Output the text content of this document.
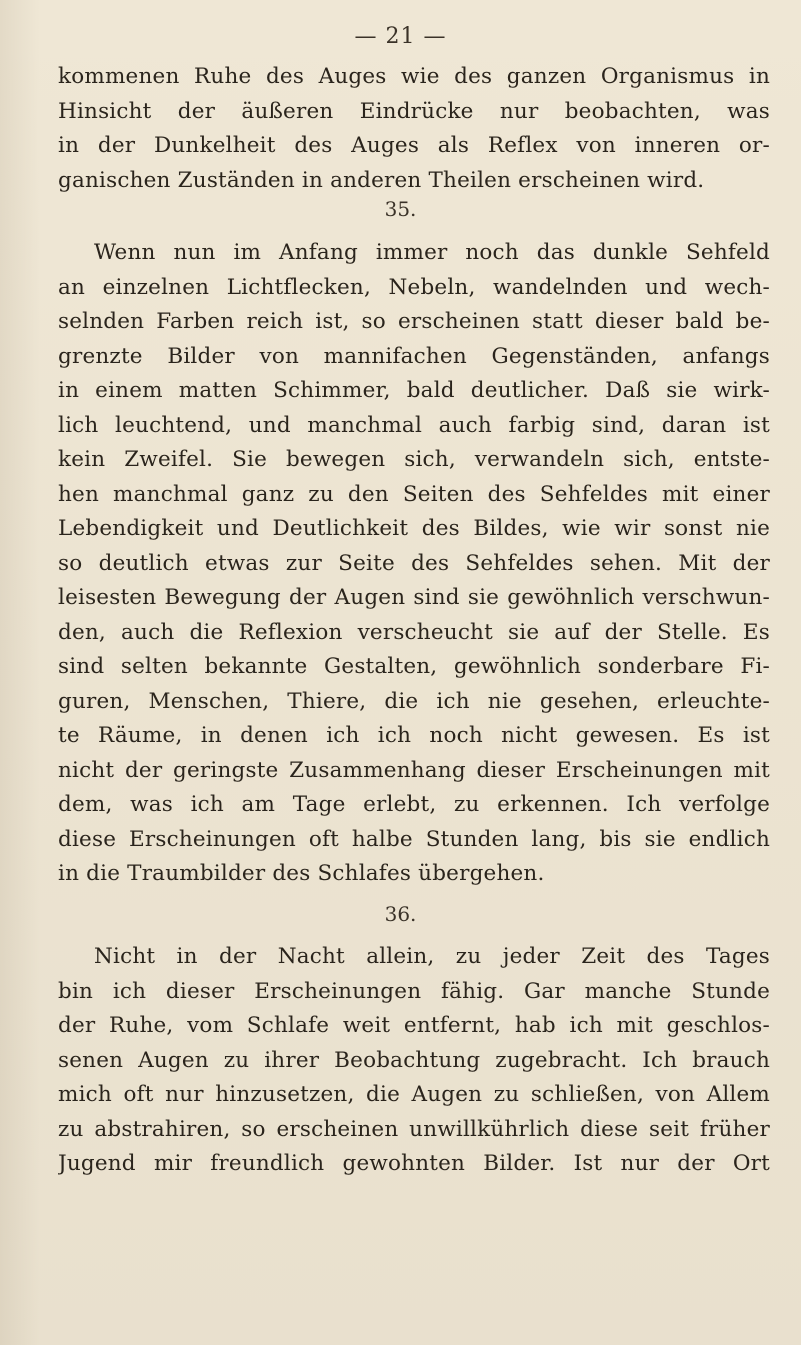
— 21 —
kommenen Ruhe des Auges wie des ganzen Organismus in
Hinsicht der äußeren Eindrücke nur beobachten, was
in der Dunkelheit des Auges als Reflex von inneren or-
ganischen Zuständen in anderen Theilen erscheinen wird.
35.
Wenn nun im Anfang immer noch das dunkle Sehfeld
an einzelnen Lichtflecken, Nebeln, wandelnden und wech-
selnden Farben reich ist, so erscheinen statt dieser bald be-
grenzte Bilder von mannifachen Gegenständen, anfangs
in einem matten Schimmer, bald deutlicher. Daß sie wirk-
lich leuchtend, und manchmal auch farbig sind, daran ist
kein Zweifel. Sie bewegen sich, verwandeln sich, entste-
hen manchmal ganz zu den Seiten des Sehfeldes mit einer
Lebendigkeit und Deutlichkeit des Bildes, wie wir sonst nie
so deutlich etwas zur Seite des Sehfeldes sehen. Mit der
leisesten Bewegung der Augen sind sie gewöhnlich verschwun-
den, auch die Reflexion verscheucht sie auf der Stelle. Es
sind selten bekannte Gestalten, gewöhnlich sonderbare Fi-
guren, Menschen, Thiere, die ich nie gesehen, erleuchte-
te Räume, in denen ich ich noch nicht gewesen. Es ist
nicht der geringste Zusammenhang dieser Erscheinungen mit
dem, was ich am Tage erlebt, zu erkennen. Ich verfolge
diese Erscheinungen oft halbe Stunden lang, bis sie endlich
in die Traumbilder des Schlafes übergehen.
36.
Nicht in der Nacht allein, zu jeder Zeit des Tages
bin ich dieser Erscheinungen fähig. Gar manche Stunde
der Ruhe, vom Schlafe weit entfernt, hab ich mit geschlos-
senen Augen zu ihrer Beobachtung zugebracht. Ich brauch
mich oft nur hinzusetzen, die Augen zu schließen, von Allem
zu abstrahiren, so erscheinen unwillkührlich diese seit früher
Jugend mir freundlich gewohnten Bilder. Ist nur der Ort
